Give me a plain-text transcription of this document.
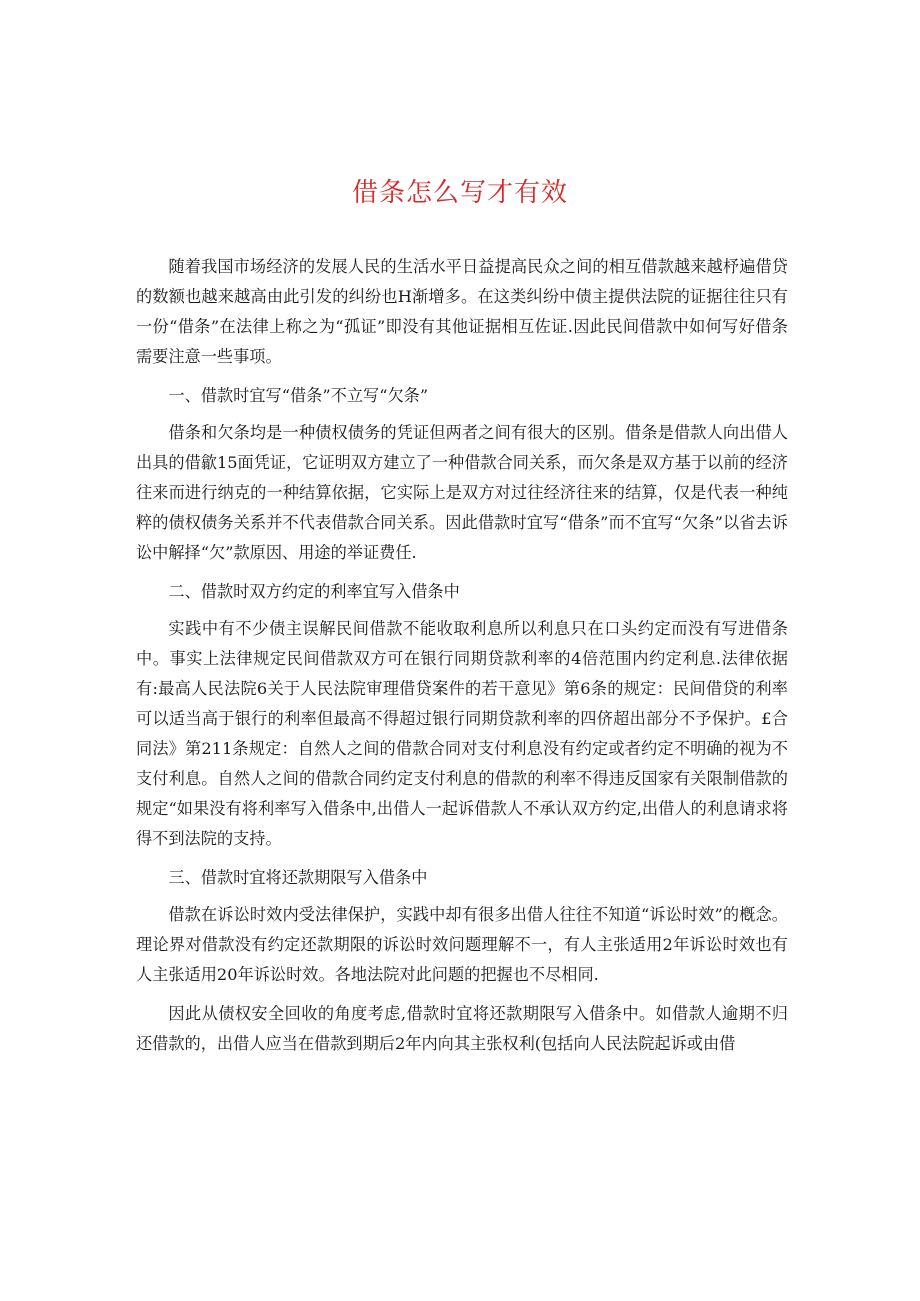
借条怎么写才有效

随着我国市场经济的发展人民的生活水平日益提高民众之间的相互借款越来越杼遍借贷的数额也越来越高由此引发的纠纷也H渐增多。在这类纠纷中债主提供法院的证据往往只有一份“借条”在法律上称之为“孤证”即没有其他证据相互佐证.因此民间借款中如何写好借条需要注意一些事项。

一、借款时宜写“借条”不立写“欠条”

借条和欠条均是一种债权债务的凭证但两者之间有很大的区别。借条是借款人向出借人出具的借歙15面凭证，它证明双方建立了一种借款合同关系，而欠条是双方基于以前的经济往来而进行纳克的一种结算依据，它实际上是双方对过往经济往来的结算，仅是代表一种纯粹的债权债务关系并不代表借款合同关系。因此借款时宜写“借条”而不宜写“欠条”以省去诉讼中解择“欠”款原因、用途的举证费任.

二、借款时双方约定的利率宜写入借条中

实践中有不少债主误解民间借款不能收取利息所以利息只在口头约定而没有写进借条中。事实上法律规定民间借款双方可在银行同期贷款利率的4倍范围内约定利息.法律依据有:最高人民法院6关于人民法院审理借贷案件的若干意见》第6条的规定：民间借贷的利率可以适当高于银行的利率但最高不得超过银行同期贷款利率的四侪超出部分不予保护。£合同法》第211条规定：自然人之间的借款合同对支付利息没有约定或者约定不明确的视为不支付利息。自然人之间的借款合同约定支付利息的借款的利率不得违反国家有关限制借款的规定“如果没有将利率写入借条中,出借人一起诉借款人不承认双方约定,出借人的利息请求将得不到法院的支持。

三、借款时宜将还款期限写入借条中

借款在诉讼时效内受法律保护，实践中却有很多出借人往往不知道“诉讼时效”的槪念。理论界对借款没有约定还款期限的诉讼时效问题理解不一，有人主张适用2年诉讼时效也有人主张适用20年诉讼时效。各地法院对此问题的把握也不尽相同.

因此从债权安全回收的角度考虑,借款时宜将还款期限写入借条中。如借款人逾期不归还借款的，出借人应当在借款到期后2年内向其主张权利(包括向人民法院起诉或由借
